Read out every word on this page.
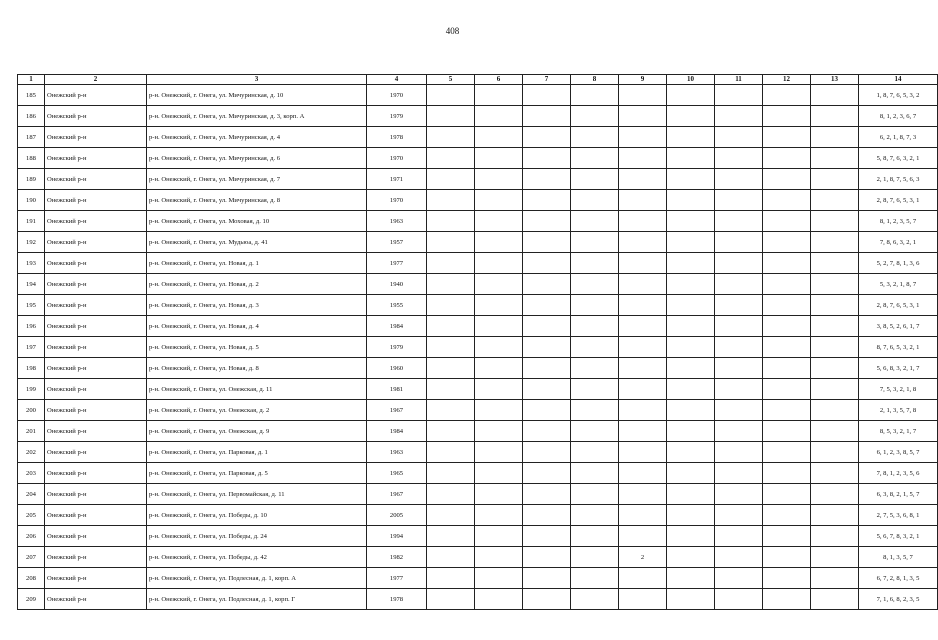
408
1	2	3	4	5	6	7	8	9	10	11	12	13	14
185	Онежский р-н	р-н. Онежский, г. Онега, ул. Мичуринская, д. 10	1970										1, 8, 7, 6, 5, 3, 2
186	Онежский р-н	р-н. Онежский, г. Онега, ул. Мичуринская, д. 3, корп. А	1979										8, 1, 2, 3, 6, 7
187	Онежский р-н	р-н. Онежский, г. Онега, ул. Мичуринская, д. 4	1978										6, 2, 1, 8, 7, 3
188	Онежский р-н	р-н. Онежский, г. Онега, ул. Мичуринская, д. 6	1970										5, 8, 7, 6, 3, 2, 1
189	Онежский р-н	р-н. Онежский, г. Онега, ул. Мичуринская, д. 7	1971										2, 1, 8, 7, 5, 6, 3
190	Онежский р-н	р-н. Онежский, г. Онега, ул. Мичуринская, д. 8	1970										2, 8, 7, 6, 5, 3, 1
191	Онежский р-н	р-н. Онежский, г. Онега, ул. Моховая, д. 10	1963										8, 1, 2, 3, 5, 7
192	Онежский р-н	р-н. Онежский, г. Онега, ул. Мудьюа, д. 41	1957										7, 8, 6, 3, 2, 1
193	Онежский р-н	р-н. Онежский, г. Онега, ул. Новая, д. 1	1977										5, 2, 7, 8, 1, 3, 6
194	Онежский р-н	р-н. Онежский, г. Онега, ул. Новая, д. 2	1940										5, 3, 2, 1, 8, 7
195	Онежский р-н	р-н. Онежский, г. Онега, ул. Новая, д. 3	1955										2, 8, 7, 6, 5, 3, 1
196	Онежский р-н	р-н. Онежский, г. Онега, ул. Новая, д. 4	1984										3, 8, 5, 2, 6, 1, 7
197	Онежский р-н	р-н. Онежский, г. Онега, ул. Новая, д. 5	1979										8, 7, 6, 5, 3, 2, 1
198	Онежский р-н	р-н. Онежский, г. Онега, ул. Новая, д. 8	1960										5, 6, 8, 3, 2, 1, 7
199	Онежский р-н	р-н. Онежский, г. Онега, ул. Онежская, д. 11	1981										7, 5, 3, 2, 1, 8
200	Онежский р-н	р-н. Онежский, г. Онега, ул. Онежская, д. 2	1967										2, 1, 3, 5, 7, 8
201	Онежский р-н	р-н. Онежский, г. Онега, ул. Онежская, д. 9	1984										8, 5, 3, 2, 1, 7
202	Онежский р-н	р-н. Онежский, г. Онега, ул. Парковая, д. 1	1963										6, 1, 2, 3, 8, 5, 7
203	Онежский р-н	р-н. Онежский, г. Онега, ул. Парковая, д. 5	1965										7, 8, 1, 2, 3, 5, 6
204	Онежский р-н	р-н. Онежский, г. Онега, ул. Первомайская, д. 11	1967										6, 3, 8, 2, 1, 5, 7
205	Онежский р-н	р-н. Онежский, г. Онега, ул. Победы, д. 10	2005										2, 7, 5, 3, 6, 8, 1
206	Онежский р-н	р-н. Онежский, г. Онега, ул. Победы, д. 24	1994										5, 6, 7, 8, 3, 2, 1
207	Онежский р-н	р-н. Онежский, г. Онега, ул. Победы, д. 42	1982					2					8, 1, 3, 5, 7
208	Онежский р-н	р-н. Онежский, г. Онега, ул. Подлесная, д. 1, корп. А	1977										6, 7, 2, 8, 1, 3, 5
209	Онежский р-н	р-н. Онежский, г. Онега, ул. Подлесная, д. 1, корп. Г	1978										7, 1, 6, 8, 2, 3, 5
